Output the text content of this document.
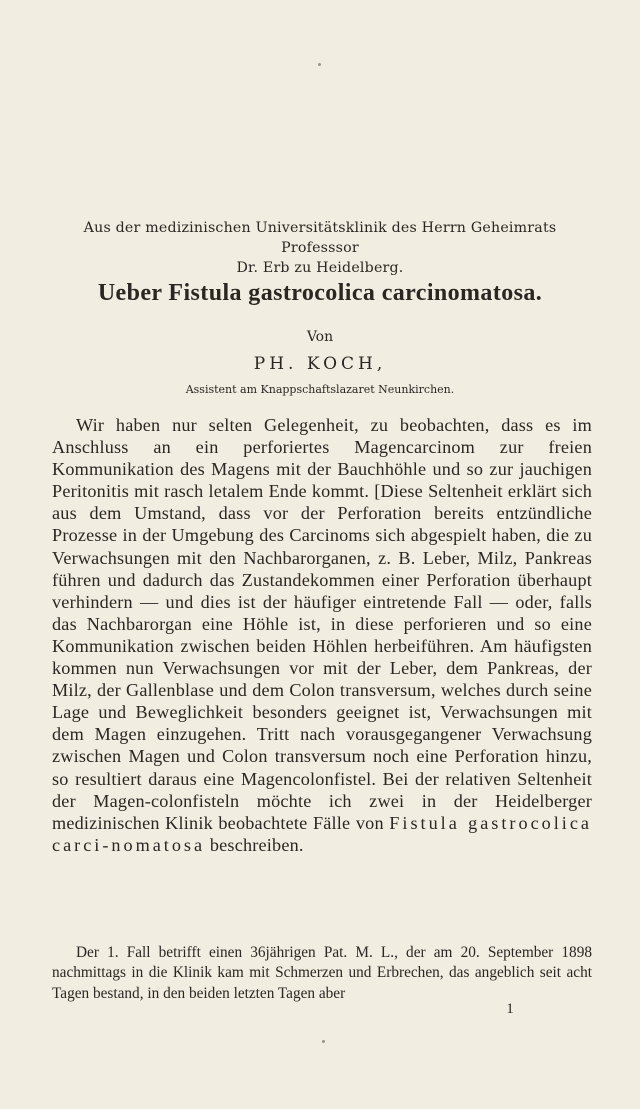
Aus der medizinischen Universitätsklinik des Herrn Geheimrats Professsor
Dr. Erb zu Heidelberg.
Ueber Fistula gastrocolica carcinomatosa.
Von
PH. KOCH,
Assistent am Knappschaftslazaret Neunkirchen.

Wir haben nur selten Gelegenheit, zu beobachten, dass es im Anschluss an ein perforiertes Magencarcinom zur freien Kommunikation des Magens mit der Bauchhöhle und so zur jauchigen Peritonitis mit rasch letalem Ende kommt. [Diese Seltenheit erklärt sich aus dem Umstand, dass vor der Perforation bereits entzündliche Prozesse in der Umgebung des Carcinoms sich abgespielt haben, die zu Verwachsungen mit den Nachbarorganen, z. B. Leber, Milz, Pankreas führen und dadurch das Zustandekommen einer Perforation überhaupt verhindern — und dies ist der häufiger eintretende Fall — oder, falls das Nachbarorgan eine Höhle ist, in diese perforieren und so eine Kommunikation zwischen beiden Höhlen herbeiführen. Am häufigsten kommen nun Verwachsungen vor mit der Leber, dem Pankreas, der Milz, der Gallenblase und dem Colon transversum, welches durch seine Lage und Beweglichkeit besonders geeignet ist, Verwachsungen mit dem Magen einzugehen. Tritt nach vorausgegangener Verwachsung zwischen Magen und Colon transversum noch eine Perforation hinzu, so resultiert daraus eine Magencolonfistel. Bei der relativen Seltenheit der Magen-colonfisteln möchte ich zwei in der Heidelberger medizinischen Klinik beobachtete Fälle von Fistula gastrocolica carci-nomatosa beschreiben.

Der 1. Fall betrifft einen 36jährigen Pat. M. L., der am 20. September 1898 nachmittags in die Klinik kam mit Schmerzen und Erbrechen, das angeblich seit acht Tagen bestand, in den beiden letzten Tagen aber

1
